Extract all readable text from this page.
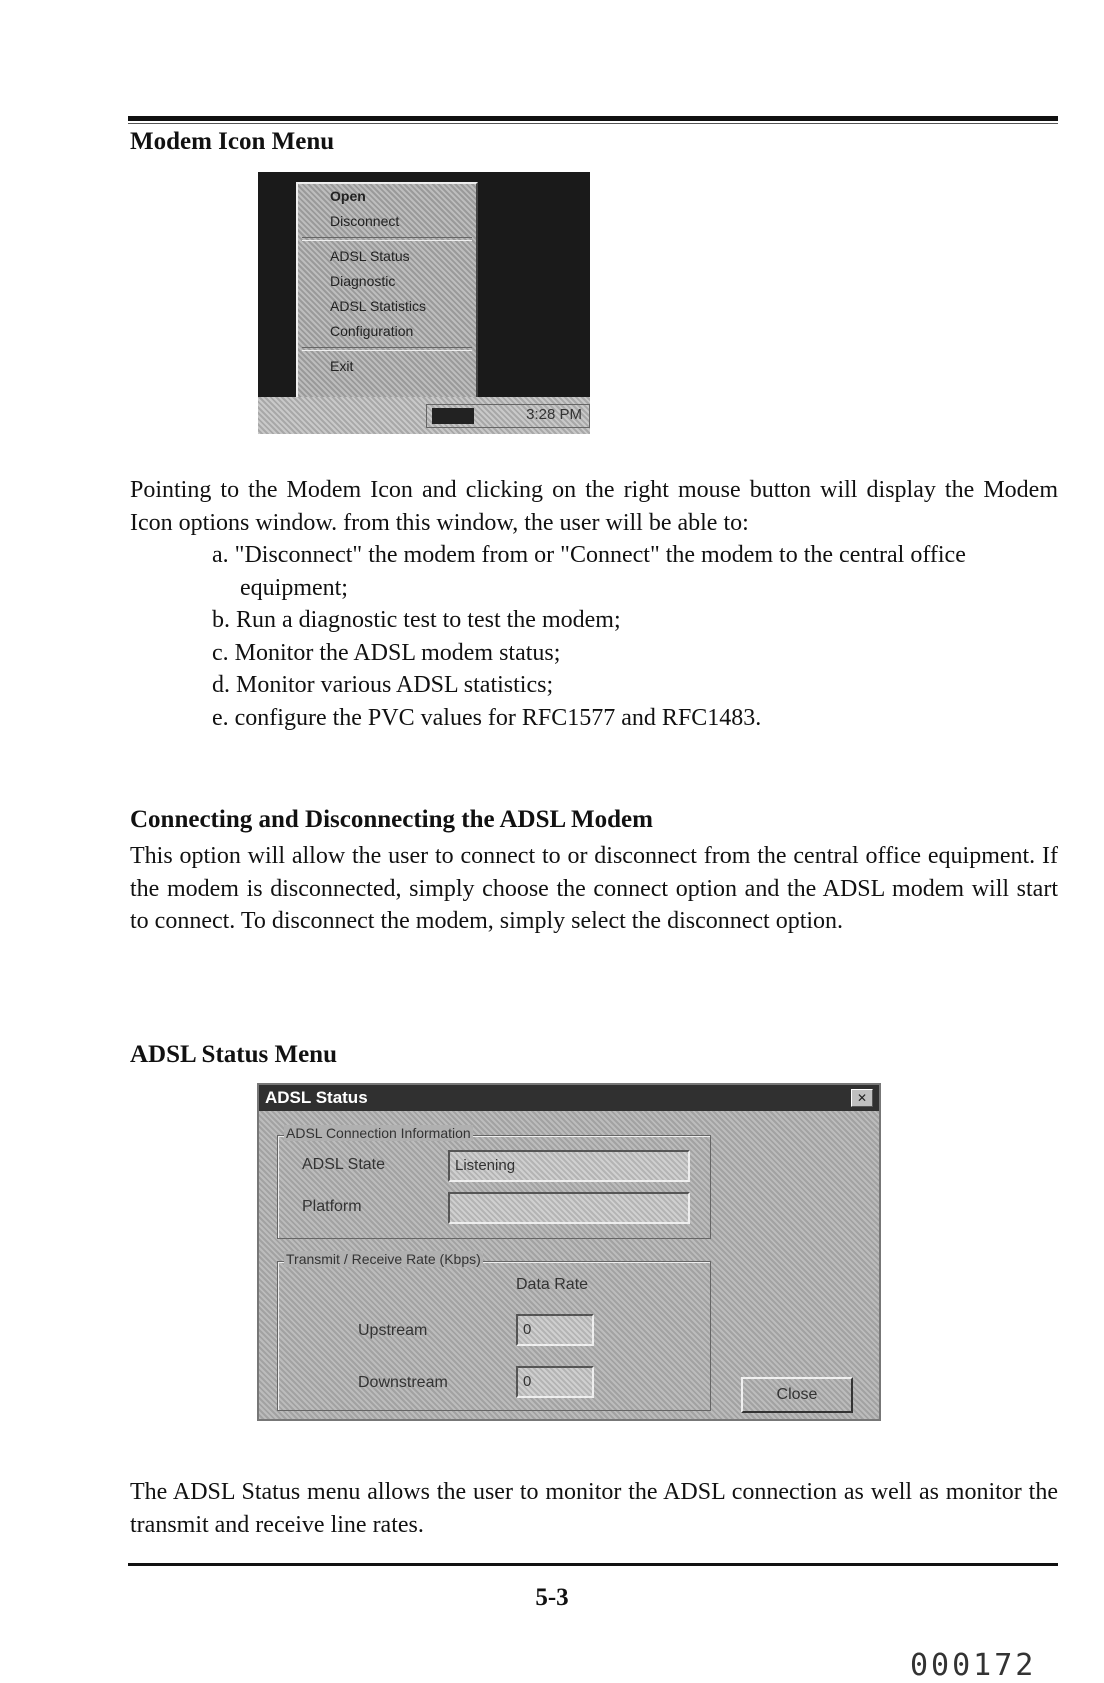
Modem Icon Menu
Open
Disconnect
ADSL Status
Diagnostic
ADSL Statistics
Configuration
Exit
3:28 PM
Pointing to the Modem Icon and clicking on the right mouse button will display the Modem Icon options window. from this window, the user will be able to:
a. "Disconnect" the modem from or "Connect" the modem to the central office equipment;
b. Run a diagnostic test to test the modem;
c. Monitor the ADSL modem status;
d. Monitor various ADSL statistics;
e. configure the PVC values for RFC1577 and RFC1483.
Connecting and Disconnecting the ADSL Modem
This option will allow the user to connect to or disconnect from the central office equipment. If the modem is disconnected, simply choose the connect option and the ADSL modem will start to connect. To disconnect the modem, simply select the disconnect option.
ADSL Status Menu
ADSL Status	✕
ADSL Connection Information
ADSL State	Listening
Platform
Transmit / Receive Rate (Kbps)
Data Rate
Upstream	0
Downstream	0
Close
The ADSL Status menu allows the user to monitor the ADSL connection as well as monitor the transmit and receive line rates.
5-3
000172
